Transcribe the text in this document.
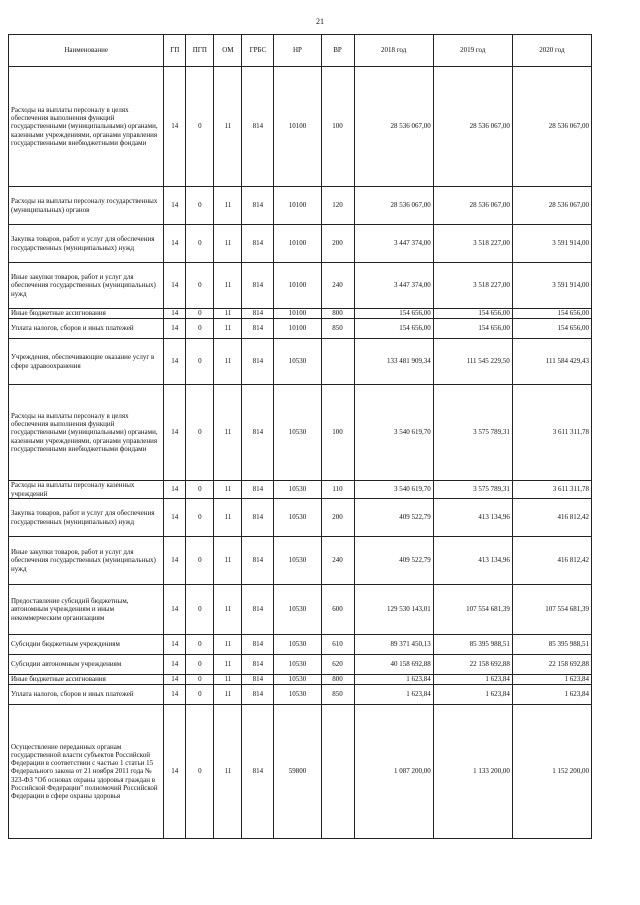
21
Наименование	ГП	ПГП	ОМ	ГРБС	НР	ВР	2018 год	2019 год	2020 год
Расходы на выплаты персоналу в целях обеспечения выполнения функций государственными (муниципальными) органами, казенными учреждениями, органами управления государственными внебюджетными фондами	14	0	11	814	10100	100	28 536 067,00	28 536 067,00	28 536 067,00
Расходы на выплаты персоналу государственных (муниципальных) органов	14	0	11	814	10100	120	28 536 067,00	28 536 067,00	28 536 067,00
Закупка товаров, работ и услуг для обеспечения государственных (муниципальных) нужд	14	0	11	814	10100	200	3 447 374,00	3 518 227,00	3 591 914,00
Иные закупки товаров, работ и услуг для обеспечения государственных (муниципальных) нужд	14	0	11	814	10100	240	3 447 374,00	3 518 227,00	3 591 914,00
Иные бюджетные ассигнования	14	0	11	814	10100	800	154 656,00	154 656,00	154 656,00
Уплата налогов, сборов и иных платежей	14	0	11	814	10100	850	154 656,00	154 656,00	154 656,00
Учреждения, обеспечивающие оказание услуг в сфере здравоохранения	14	0	11	814	10530		133 481 909,34	111 545 229,50	111 584 429,43
Расходы на выплаты персоналу в целях обеспечения выполнения функций государственными (муниципальными) органами, казенными учреждениями, органами управления государственными внебюджетными фондами	14	0	11	814	10530	100	3 540 619,70	3 575 789,31	3 611 311,78
Расходы на выплаты персоналу казенных учреждений	14	0	11	814	10530	110	3 540 619,70	3 575 789,31	3 611 311,78
Закупка товаров, работ и услуг для обеспечения государственных (муниципальных) нужд	14	0	11	814	10530	200	409 522,79	413 134,96	416 812,42
Иные закупки товаров, работ и услуг для обеспечения государственных (муниципальных) нужд	14	0	11	814	10530	240	409 522,79	413 134,96	416 812,42
Предоставление субсидий бюджетным, автономным учреждениям и иным некоммерческим организациям	14	0	11	814	10530	600	129 530 143,01	107 554 681,39	107 554 681,39
Субсидии бюджетным учреждениям	14	0	11	814	10530	610	89 371 450,13	85 395 988,51	85 395 988,51
Субсидии автономным учреждениям	14	0	11	814	10530	620	40 158 692,88	22 158 692,88	22 158 692,88
Иные бюджетные ассигнования	14	0	11	814	10530	800	1 623,84	1 623,84	1 623,84
Уплата налогов, сборов и иных платежей	14	0	11	814	10530	850	1 623,84	1 623,84	1 623,84
Осуществление переданных органам государственной власти субъектов Российской Федерации в соответствии с частью 1 статьи 15 Федерального закона от 21 ноября 2011 года № 323-ФЗ "Об основах охраны здоровья граждан в Российской Федерации" полномочий Российской Федерации в сфере охраны здоровья	14	0	11	814	59800		1 087 200,00	1 133 200,00	1 152 200,00
